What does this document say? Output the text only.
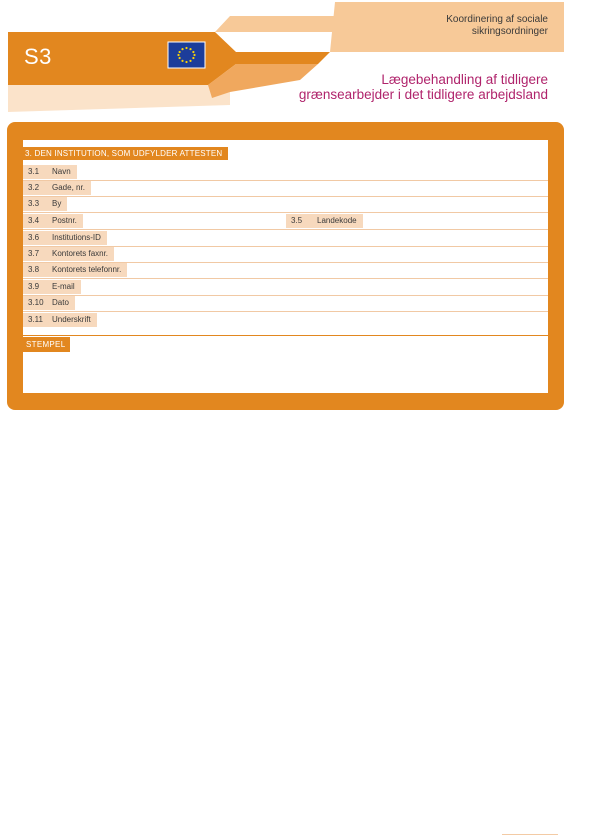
S3
Koordinering af sociale
sikringsordninger
Lægebehandling af tidligere
grænsearbejder i det tidligere arbejdsland
3. DEN INSTITUTION, SOM UDFYLDER ATTESTEN
3.1 Navn
3.2 Gade, nr.
3.3 By
3.4 Postnr.	3.5 Landekode
3.6 Institutions-ID
3.7 Kontorets faxnr.
3.8 Kontorets telefonnr.
3.9 E-mail
3.10 Dato
3.11 Underskrift
STEMPEL
